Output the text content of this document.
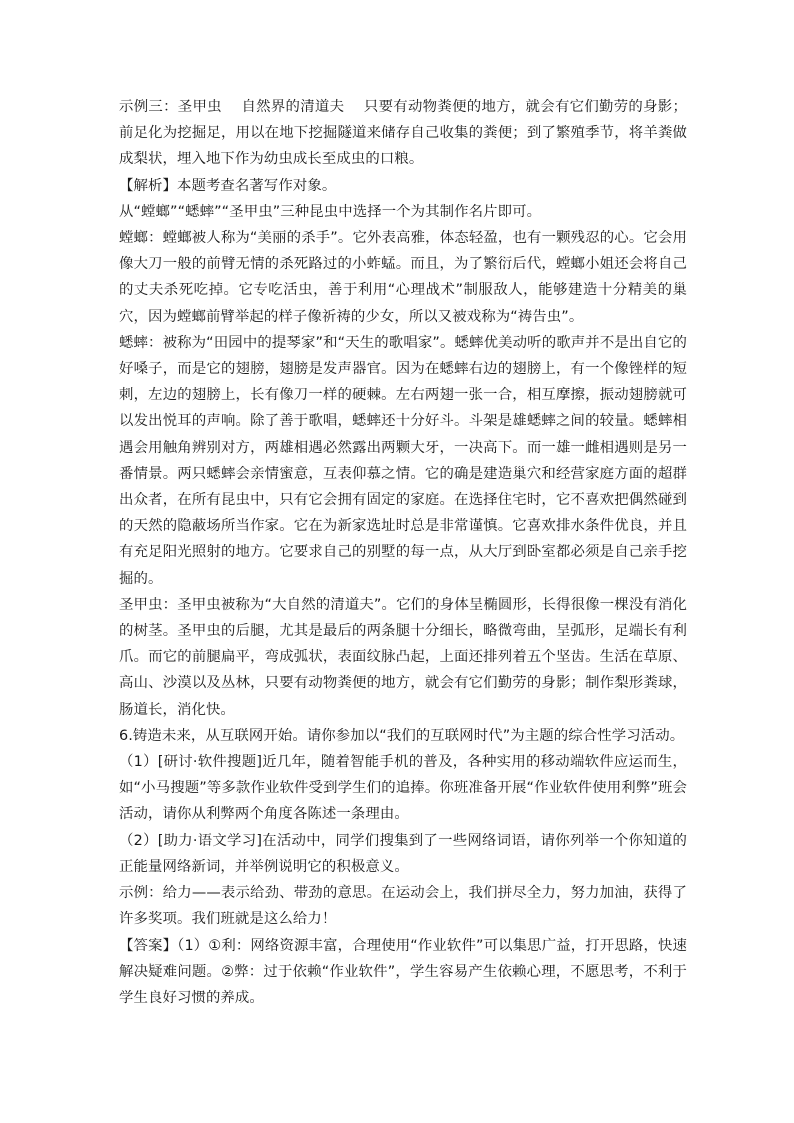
示例三：圣甲虫　 自然界的清道夫　 只要有动物粪便的地方，就会有它们勤劳的身影；前足化为挖掘足，用以在地下挖掘隧道来储存自己收集的粪便；到了繁殖季节，将羊粪做成梨状，埋入地下作为幼虫成长至成虫的口粮。

【解析】本题考查名著写作对象。

从“螳螂”“蟋蟀”“圣甲虫”三种昆虫中选择一个为其制作名片即可。

螳螂：螳螂被人称为“美丽的杀手”。它外表高雅，体态轻盈，也有一颗残忍的心。它会用像大刀一般的前臂无情的杀死路过的小蚱蜢。而且，为了繁衍后代，螳螂小姐还会将自己的丈夫杀死吃掉。它专吃活虫，善于利用“心理战术”制服敌人，能够建造十分精美的巢穴，因为螳螂前臂举起的样子像祈祷的少女，所以又被戏称为“祷告虫”。

蟋蟀：被称为“田园中的提琴家”和“天生的歌唱家”。蟋蟀优美动听的歌声并不是出自它的好嗓子，而是它的翅膀，翅膀是发声器官。因为在蟋蟀右边的翅膀上，有一个像锉样的短刺，左边的翅膀上，长有像刀一样的硬棘。左右两翅一张一合，相互摩擦，振动翅膀就可以发出悦耳的声响。除了善于歌唱，蟋蟀还十分好斗。斗架是雄蟋蟀之间的较量。蟋蟀相遇会用触角辨别对方，两雄相遇必然露出两颗大牙，一决高下。而一雄一雌相遇则是另一番情景。两只蟋蟀会亲情蜜意，互表仰慕之情。它的确是建造巢穴和经营家庭方面的超群出众者，在所有昆虫中，只有它会拥有固定的家庭。在选择住宅时，它不喜欢把偶然碰到的天然的隐蔽场所当作家。它在为新家选址时总是非常谨慎。它喜欢排水条件优良，并且有充足阳光照射的地方。它要求自己的别墅的每一点，从大厅到卧室都必须是自己亲手挖掘的。

圣甲虫：圣甲虫被称为“大自然的清道夫”。它们的身体呈椭圆形，长得很像一棵没有消化的树茎。圣甲虫的后腿，尤其是最后的两条腿十分细长，略微弯曲，呈弧形，足端长有利爪。而它的前腿扁平，弯成弧状，表面纹脉凸起，上面还排列着五个坚齿。生活在草原、高山、沙漠以及丛林，只要有动物粪便的地方，就会有它们勤劳的身影；制作梨形粪球，肠道长，消化快。

6.铸造未来，从互联网开始。请你参加以“我们的互联网时代”为主题的综合性学习活动。

（1）[研讨·软件搜题]近几年，随着智能手机的普及，各种实用的移动端软件应运而生，如“小马搜题”等多款作业软件受到学生们的追捧。你班准备开展“作业软件使用利弊”班会活动，请你从利弊两个角度各陈述一条理由。

（2）[助力·语文学习]在活动中，同学们搜集到了一些网络词语，请你列举一个你知道的正能量网络新词，并举例说明它的积极意义。

示例：给力——表示给劲、带劲的意思。在运动会上，我们拼尽全力，努力加油，获得了许多奖项。我们班就是这么给力！

【答案】（1）①利：网络资源丰富，合理使用“作业软件”可以集思广益，打开思路，快速解决疑难问题。②弊：过于依赖“作业软件”，学生容易产生依赖心理，不愿思考，不利于学生良好习惯的养成。
